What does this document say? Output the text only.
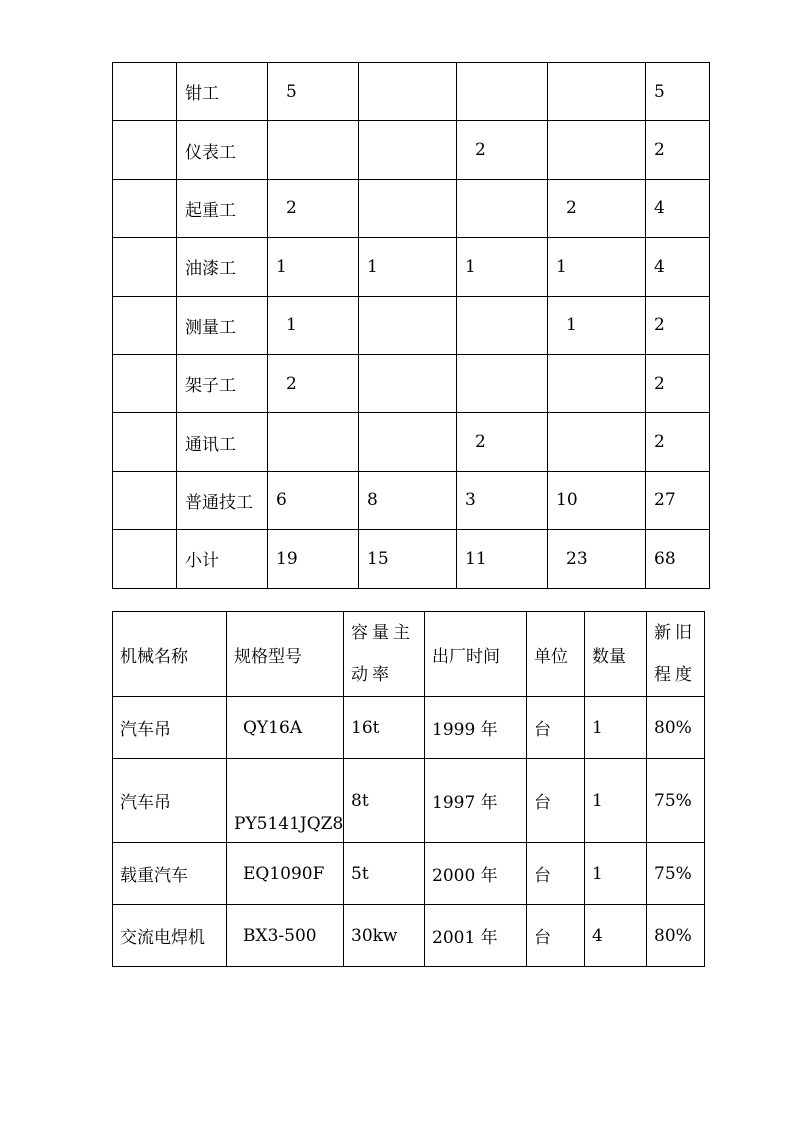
	钳工	5				5
	仪表工			2		2
	起重工	2			2	4
	油漆工	1	1	1	1	4
	测量工	1			1	2
	架子工	2				2
	通讯工			2		2
	普通技工	6	8	3	10	27
	小计	19	15	11	23	68
机械名称	规格型号	容量主动率	出厂时间	单位	数量	新旧程度
汽车吊	QY16A	16t	1999 年	台	1	80%
汽车吊	PY5141JQZ8	8t	1997 年	台	1	75%
载重汽车	EQ1090F	5t	2000 年	台	1	75%
交流电焊机	BX3-500	30kw	2001 年	台	4	80%
